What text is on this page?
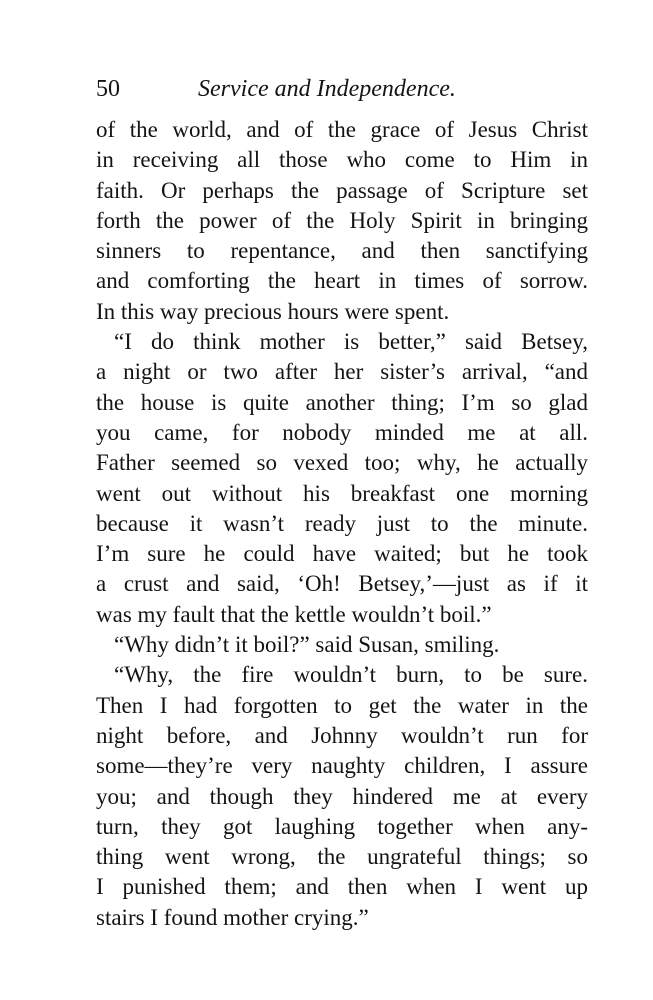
50	Service and Independence.
of the world, and of the grace of Jesus Christ
in receiving all those who come to Him in
faith. Or perhaps the passage of Scripture set
forth the power of the Holy Spirit in bringing
sinners to repentance, and then sanctifying
and comforting the heart in times of sorrow.
In this way precious hours were spent.
“I do think mother is better,” said Betsey,
a night or two after her sister’s arrival, “and
the house is quite another thing; I’m so glad
you came, for nobody minded me at all.
Father seemed so vexed too; why, he actually
went out without his breakfast one morning
because it wasn’t ready just to the minute.
I’m sure he could have waited; but he took
a crust and said, ‘Oh! Betsey,’—just as if it
was my fault that the kettle wouldn’t boil.”
“Why didn’t it boil?” said Susan, smiling.
“Why, the fire wouldn’t burn, to be sure.
Then I had forgotten to get the water in the
night before, and Johnny wouldn’t run for
some—they’re very naughty children, I assure
you; and though they hindered me at every
turn, they got laughing together when any-
thing went wrong, the ungrateful things; so
I punished them; and then when I went up
stairs I found mother crying.”
